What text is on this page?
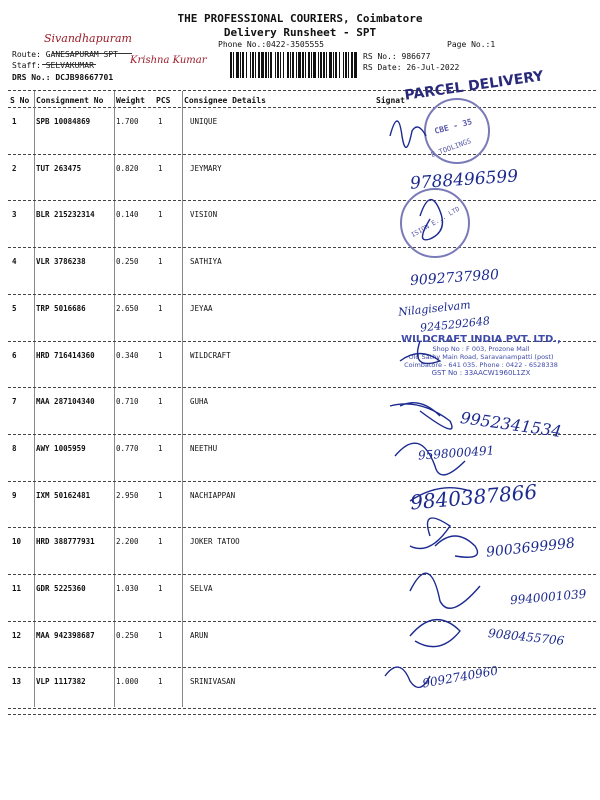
THE PROFESSIONAL COURIERS, Coimbatore
Delivery Runsheet - SPT
Phone No.:0422-3505555	Page No.:1
Route: GANESAPURAM SPT
Staff: SELVAKUMAR
DRS No.: DCJB98667701
Sivandhapuram
Krishna Kumar	RS No.: 986677
RS Date: 26-Jul-2022
S No Consignment No Weight PCS Consignee Details	Signat
1	SPB 10084869	1.700	1	UNIQUE
2	TUT 263475	0.820	1	JEYMARY
3	BLR 215232314	0.140	1	VISION
4	VLR 3786238	0.250	1	SATHIYA
5	TRP 5016686	2.650	1	JEYAA
6	HRD 716414360	0.340	1	WILDCRAFT
7	MAA 287104340	0.710	1	GUHA
8	AWY 1005959	0.770	1	NEETHU
9	IXM 50162481	2.950	1	NACHIAPPAN
10 HRD 388777931	2.200	1	JOKER TATOO
11 GDR 5225360	1.030	1	SELVA
12 MAA 942398687	0.250	1	ARUN
13 VLP 1117382	1.000	1	SRINIVASAN
PARCEL DELIVERY
CBE - 35
E TOOLINGS
ISION E... LTD
WILDCRAFT INDIA PVT. LTD.,
Shop No : F 003, Prozone Mall
Old Sathy Main Road, Saravanampatti (post)
Coimbatore - 641 035. Phone : 0422 - 6528338
GST No : 33AACW1960L1ZX
9788496599
9092737980
Nilagiselvam
9245292648
9952341534
9598000491
9840387866
9003699998
9940001039
9080455706
9092740960
